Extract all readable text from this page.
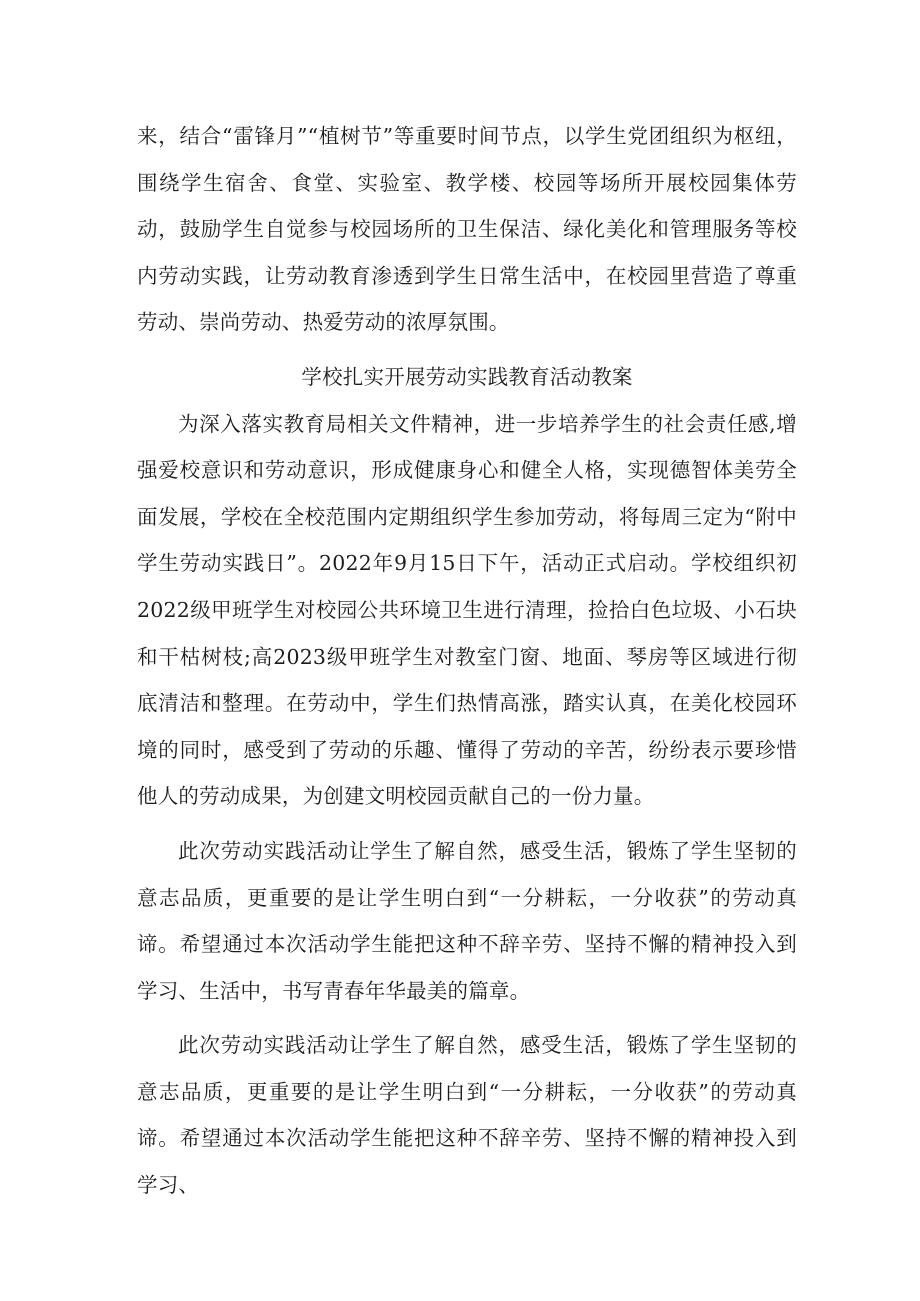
来，结合“雷锋月”“植树节”等重要时间节点，以学生党团组织为枢纽，围绕学生宿舍、食堂、实验室、教学楼、校园等场所开展校园集体劳动，鼓励学生自觉参与校园场所的卫生保洁、绿化美化和管理服务等校内劳动实践，让劳动教育渗透到学生日常生活中，在校园里营造了尊重劳动、崇尚劳动、热爱劳动的浓厚氛围。

学校扎实开展劳动实践教育活动教案

为深入落实教育局相关文件精神，进一步培养学生的社会责任感,增强爱校意识和劳动意识，形成健康身心和健全人格，实现德智体美劳全面发展，学校在全校范围内定期组织学生参加劳动，将每周三定为“附中学生劳动实践日”。2022年9月15日下午，活动正式启动。学校组织初2022级甲班学生对校园公共环境卫生进行清理，捡拾白色垃圾、小石块和干枯树枝;高2023级甲班学生对教室门窗、地面、琴房等区域进行彻底清洁和整理。在劳动中，学生们热情高涨，踏实认真，在美化校园环境的同时，感受到了劳动的乐趣、懂得了劳动的辛苦，纷纷表示要珍惜他人的劳动成果，为创建文明校园贡献自己的一份力量。

此次劳动实践活动让学生了解自然，感受生活，锻炼了学生坚韧的意志品质，更重要的是让学生明白到“一分耕耘，一分收获”的劳动真谛。希望通过本次活动学生能把这种不辞辛劳、坚持不懈的精神投入到学习、生活中，书写青春年华最美的篇章。

此次劳动实践活动让学生了解自然，感受生活，锻炼了学生坚韧的意志品质，更重要的是让学生明白到“一分耕耘，一分收获”的劳动真谛。希望通过本次活动学生能把这种不辞辛劳、坚持不懈的精神投入到学习、
